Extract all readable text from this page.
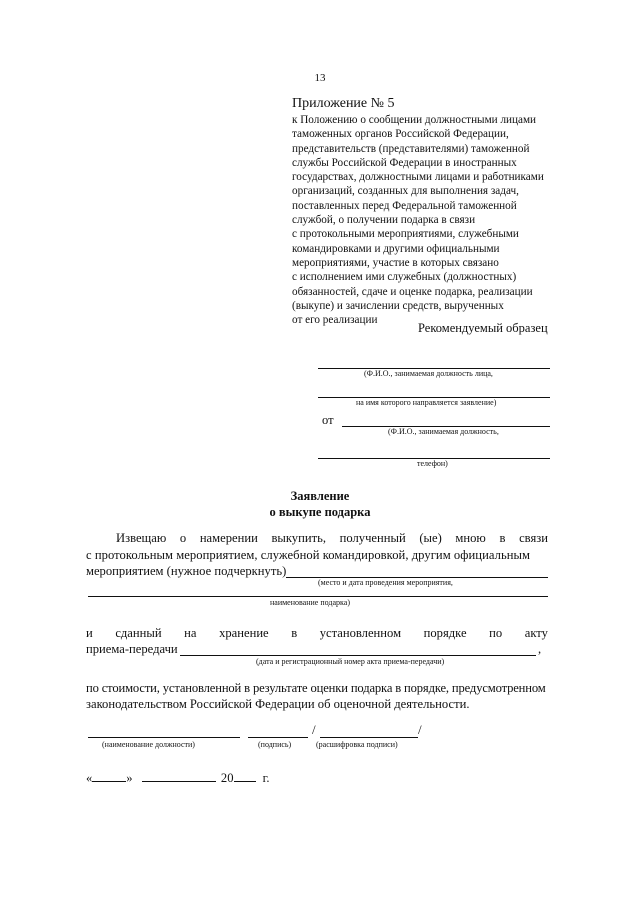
13
Приложение № 5
к Положению о сообщении должностными лицами
таможенных органов Российской Федерации,
представительств (представителями) таможенной
службы Российской Федерации в иностранных
государствах, должностными лицами и работниками
организаций, созданных для выполнения задач,
поставленных перед Федеральной таможенной
службой, о получении подарка в связи
с протокольными мероприятиями, служебными
командировками и другими официальными
мероприятиями, участие в которых связано
с исполнением ими служебных (должностных)
обязанностей, сдаче и оценке подарка, реализации
(выкупе) и зачислении средств, вырученных
от его реализации
Рекомендуемый образец
(Ф.И.О., занимаемая должность лица,
на имя которого направляется заявление)
от
(Ф.И.О., занимаемая должность,
телефон)
Заявление
о выкупе подарка
Извещаю о намерении выкупить, полученный (ые) мною в связи
с протокольным мероприятием, служебной командировкой, другим официальным
мероприятием (нужное подчеркнуть)
(место и дата проведения мероприятия,
наименование подарка)
и сданный на хранение в установленном порядке по акту
приема-передачи	,
(дата и регистрационный номер акта приема-передачи)
по стоимости, установленной в результате оценки подарка в порядке, предусмотренном
законодательством Российской Федерации об оценочной деятельности.
/	/
(наименование должности)	(подпись)	(расшифровка подписи)
«	»	20 г.
